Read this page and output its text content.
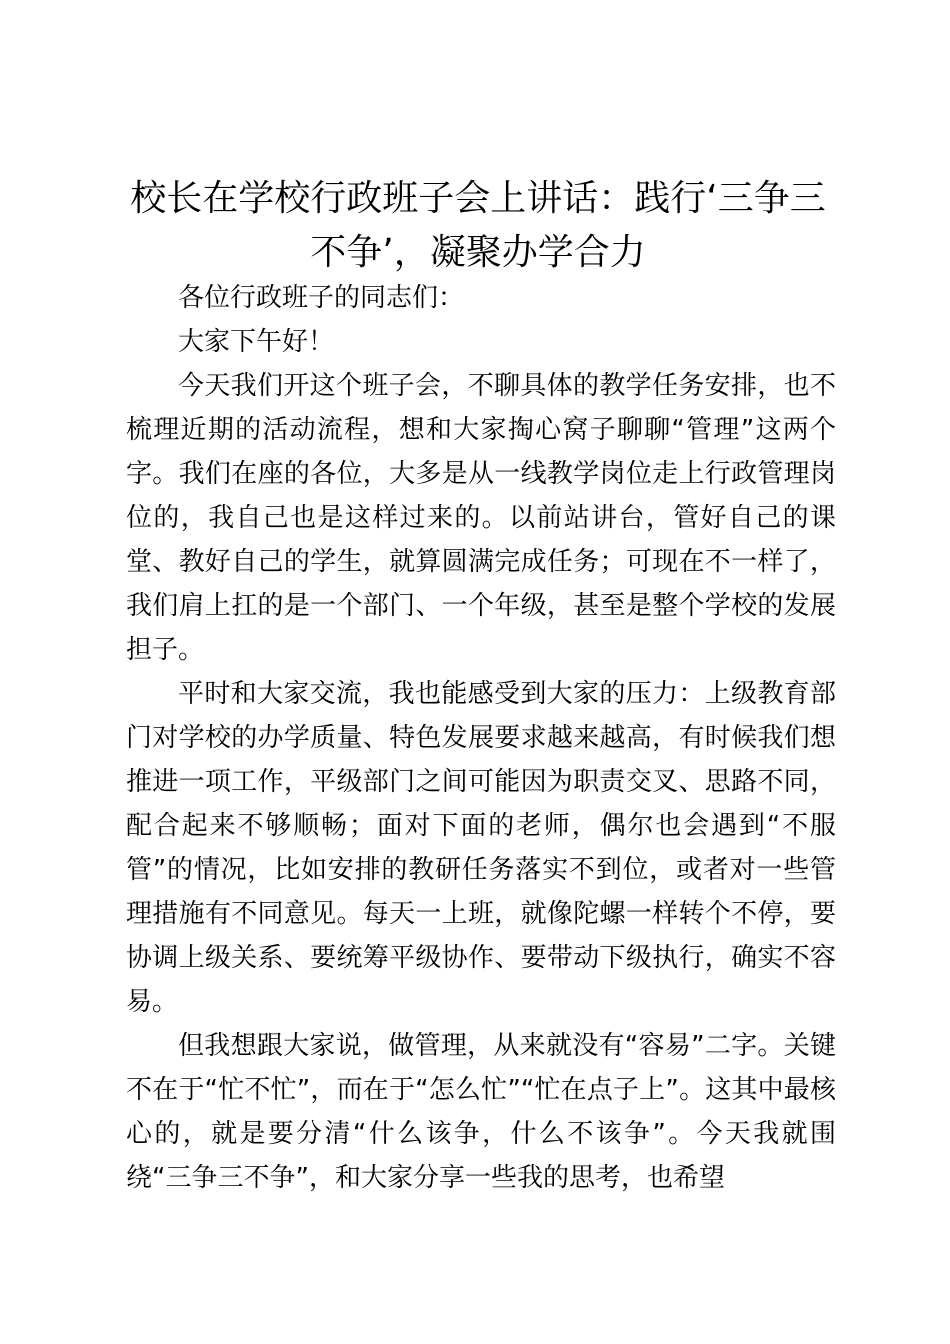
校长在学校行政班子会上讲话：践行‘三争三不争’，凝聚办学合力

各位行政班子的同志们：

大家下午好！

今天我们开这个班子会，不聊具体的教学任务安排，也不梳理近期的活动流程，想和大家掏心窝子聊聊“管理”这两个字。我们在座的各位，大多是从一线教学岗位走上行政管理岗位的，我自己也是这样过来的。以前站讲台，管好自己的课堂、教好自己的学生，就算圆满完成任务；可现在不一样了，我们肩上扛的是一个部门、一个年级，甚至是整个学校的发展担子。

平时和大家交流，我也能感受到大家的压力：上级教育部门对学校的办学质量、特色发展要求越来越高，有时候我们想推进一项工作，平级部门之间可能因为职责交叉、思路不同，配合起来不够顺畅；面对下面的老师，偶尔也会遇到“不服管”的情况，比如安排的教研任务落实不到位，或者对一些管理措施有不同意见。每天一上班，就像陀螺一样转个不停，要协调上级关系、要统筹平级协作、要带动下级执行，确实不容易。

但我想跟大家说，做管理，从来就没有“容易”二字。关键不在于“忙不忙”，而在于“怎么忙”“忙在点子上”。这其中最核心的，就是要分清“什么该争，什么不该争”。今天我就围绕“三争三不争”，和大家分享一些我的思考，也希望
